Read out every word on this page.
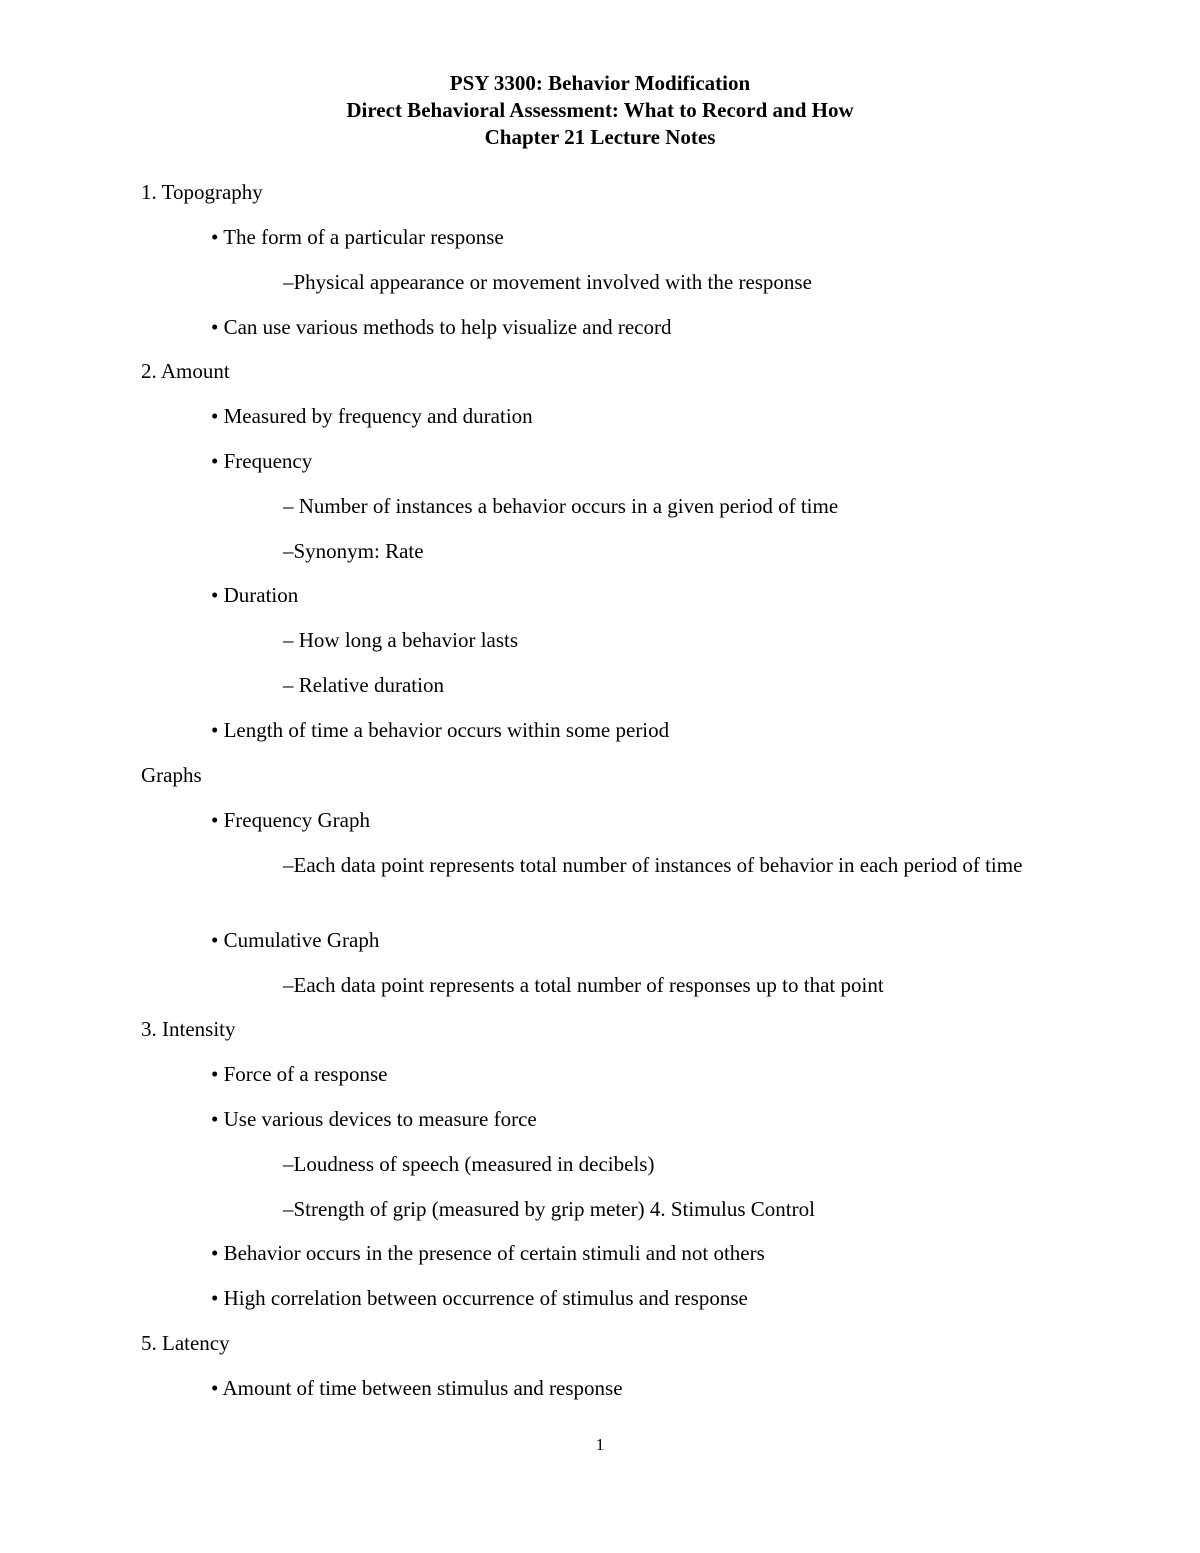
PSY 3300: Behavior Modification
Direct Behavioral Assessment: What to Record and How
Chapter 21 Lecture Notes
1. Topography
• The form of a particular response
–Physical appearance or movement involved with the response
• Can use various methods to help visualize and record
2. Amount
• Measured by frequency and duration
• Frequency
– Number of instances a behavior occurs in a given period of time
–Synonym: Rate
• Duration
– How long a behavior lasts
– Relative duration
• Length of time a behavior occurs within some period
Graphs
• Frequency Graph
–Each data point represents total number of instances of behavior in each period of time
• Cumulative Graph
–Each data point represents a total number of responses up to that point
3. Intensity
• Force of a response
• Use various devices to measure force
–Loudness of speech (measured in decibels)
–Strength of grip (measured by grip meter) 4. Stimulus Control
• Behavior occurs in the presence of certain stimuli and not others
• High correlation between occurrence of stimulus and response
5. Latency
• Amount of time between stimulus and response
1
